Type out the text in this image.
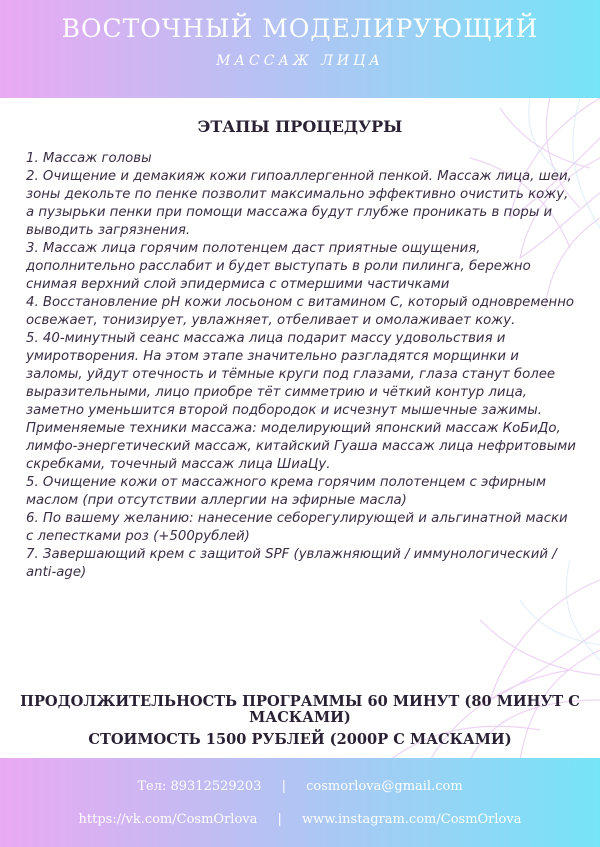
ВОСТОЧНЫЙ МОДЕЛИРУЮЩИЙ
МАССАЖ ЛИЦА
ЭТАПЫ ПРОЦЕДУРЫ
1. Массаж головы
2. Очищение и демакияж кожи гипоаллергенной пенкой. Массаж лица, шеи, зоны декольте по пенке позволит максимально эффективно очистить кожу, а пузырьки пенки при помощи массажа будут глубже проникать в поры и выводить загрязнения.
3. Массаж лица горячим полотенцем даст приятные ощущения, дополнительно расслабит и будет выступать в роли пилинга, бережно снимая верхний слой эпидермиса с отмершими частичками
4. Восстановление pH кожи лосьоном с витамином С, который одновременно освежает, тонизирует, увлажняет, отбеливает и омолаживает кожу.
5. 40-минутный сеанс массажа лица подарит массу удовольствия и умиротворения. На этом этапе значительно разгладятся морщинки и заломы, уйдут отечность и тёмные круги под глазами, глаза станут более выразительными, лицо приобре тёт симметрию и чёткий контур лица, заметно уменьшится второй подбородок и исчезнут мышечные зажимы. Применяемые техники массажа: моделирующий японский массаж КоБиДо, лимфо-энергетический массаж, китайский Гуаша массаж лица нефритовыми скребками, точечный массаж лица ШиаЦу.
5. Очищение кожи от массажного крема горячим полотенцем с эфирным маслом (при отсутствии аллергии на эфирные масла)
6. По вашему желанию: нанесение себорегулирующей и альгинатной маски с лепестками роз (+500рублей)
7. Завершающий крем с защитой SPF (увлажняющий / иммунологический / anti-age)
ПРОДОЛЖИТЕЛЬНОСТЬ ПРОГРАММЫ 60 МИНУТ (80 МИНУТ С МАСКАМИ)
СТОИМОСТЬ 1500 РУБЛЕЙ (2000Р С МАСКАМИ)
Тел: 89312529203 | cosmorlova@gmail.com
https://vk.com/CosmOrlova | www.instagram.com/CosmOrlova
